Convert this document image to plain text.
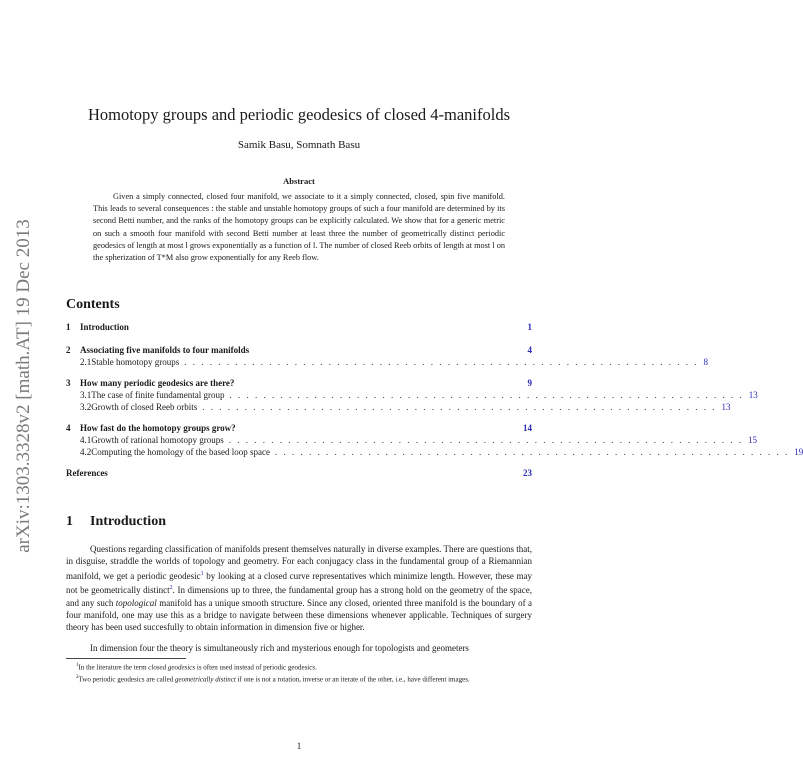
arXiv:1303.3328v2 [math.AT] 19 Dec 2013
Homotopy groups and periodic geodesics of closed 4-manifolds
Samik Basu, Somnath Basu
Abstract
Given a simply connected, closed four manifold, we associate to it a simply connected, closed, spin five manifold. This leads to several consequences : the stable and unstable homotopy groups of such a four manifold are determined by its second Betti number, and the ranks of the homotopy groups can be explicitly calculated. We show that for a generic metric on such a smooth four manifold with second Betti number at least three the number of geometrically distinct periodic geodesics of length at most l grows exponentially as a function of l. The number of closed Reeb orbits of length at most l on the spherization of T*M also grow exponentially for any Reeb flow.
Contents
1	Introduction	1
2	Associating five manifolds to four manifolds	4
2.1 Stable homotopy groups . . . . . . . . . . . . . . . . . . . . . . . . . . . . . . . . . . . . . . . . . . . . . . . . . . . . . . . . . . . . . 8
3	How many periodic geodesics are there?	9
3.1 The case of finite fundamental group . . . . . . . . . . . . . . . . . . . . . . . . . . . . . . . . . . . . . . . . . . . . . . . . . . . . . . . . . . . . . 13
3.2 Growth of closed Reeb orbits . . . . . . . . . . . . . . . . . . . . . . . . . . . . . . . . . . . . . . . . . . . . . . . . . . . . . . . . . . . . . 13
4	How fast do the homotopy groups grow?	14
4.1 Growth of rational homotopy groups . . . . . . . . . . . . . . . . . . . . . . . . . . . . . . . . . . . . . . . . . . . . . . . . . . . . . . . . . . . . . 15
4.2 Computing the homology of the based loop space . . . . . . . . . . . . . . . . . . . . . . . . . . . . . . . . . . . . . . . . . . . . . . . . . . . . . . . . . . . . . 19
References	23
1 Introduction
Questions regarding classification of manifolds present themselves naturally in diverse examples. There are questions that, in disguise, straddle the worlds of topology and geometry. For each conjugacy class in the fundamental group of a Riemannian manifold, we get a periodic geodesic$^1$ by looking at a closed curve representatives which minimize length. However, these may not be geometrically distinct$^2$. In dimensions up to three, the fundamental group has a strong hold on the geometry of the space, and any such topological manifold has a unique smooth structure. Since any closed, oriented three manifold is the boundary of a four manifold, one may use this as a bridge to navigate between these dimensions whenever applicable. Techniques of surgery theory has been used succesfully to obtain information in dimension five or higher.
In dimension four the theory is simultaneously rich and mysterious enough for topologists and geometers
$^1$In the literature the term closed geodesics is often used instead of periodic geodesics.
$^2$Two periodic geodesics are called geometrically distinct if one is not a rotation, inverse or an iterate of the other, i.e., have different images.
1
